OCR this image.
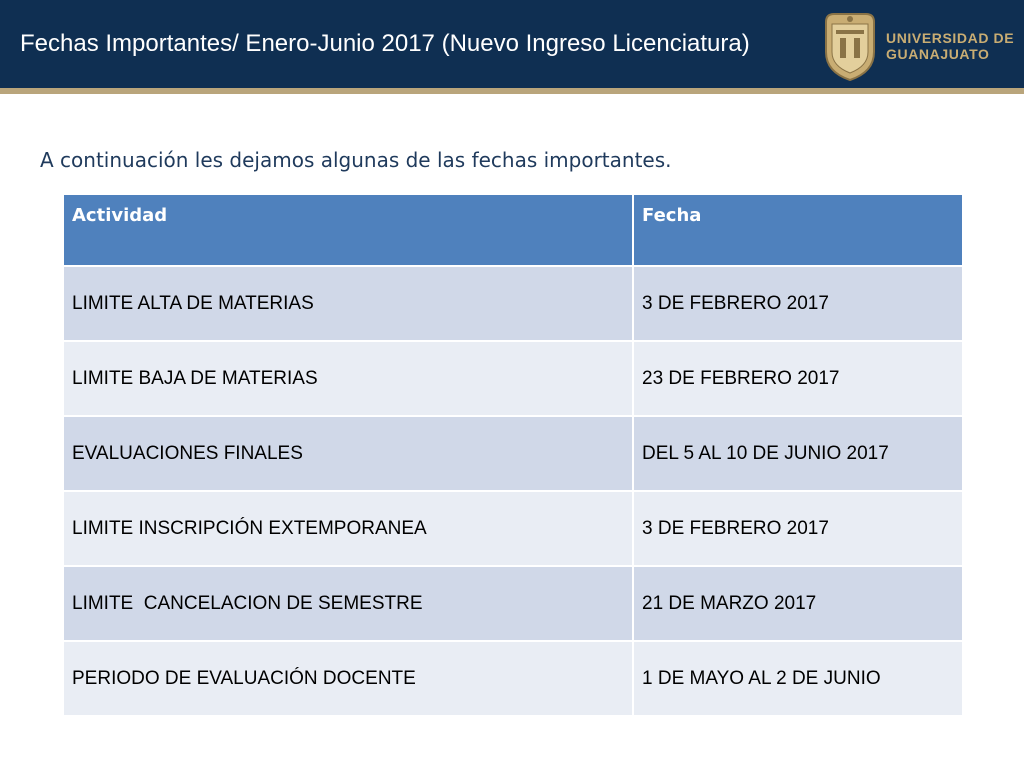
Fechas Importantes/ Enero-Junio 2017 (Nuevo Ingreso Licenciatura)	UNIVERSIDAD DE
GUANAJUATO
A continuación les dejamos algunas de las fechas importantes.
Actividad	Fecha
LIMITE ALTA DE MATERIAS	3 DE FEBRERO 2017
LIMITE BAJA DE MATERIAS	23 DE FEBRERO 2017
EVALUACIONES FINALES	DEL 5 AL 10 DE JUNIO 2017
LIMITE INSCRIPCIÓN EXTEMPORANEA	3 DE FEBRERO 2017
LIMITE  CANCELACION DE SEMESTRE	21 DE MARZO 2017
PERIODO DE EVALUACIÓN DOCENTE	1 DE MAYO AL 2 DE JUNIO
